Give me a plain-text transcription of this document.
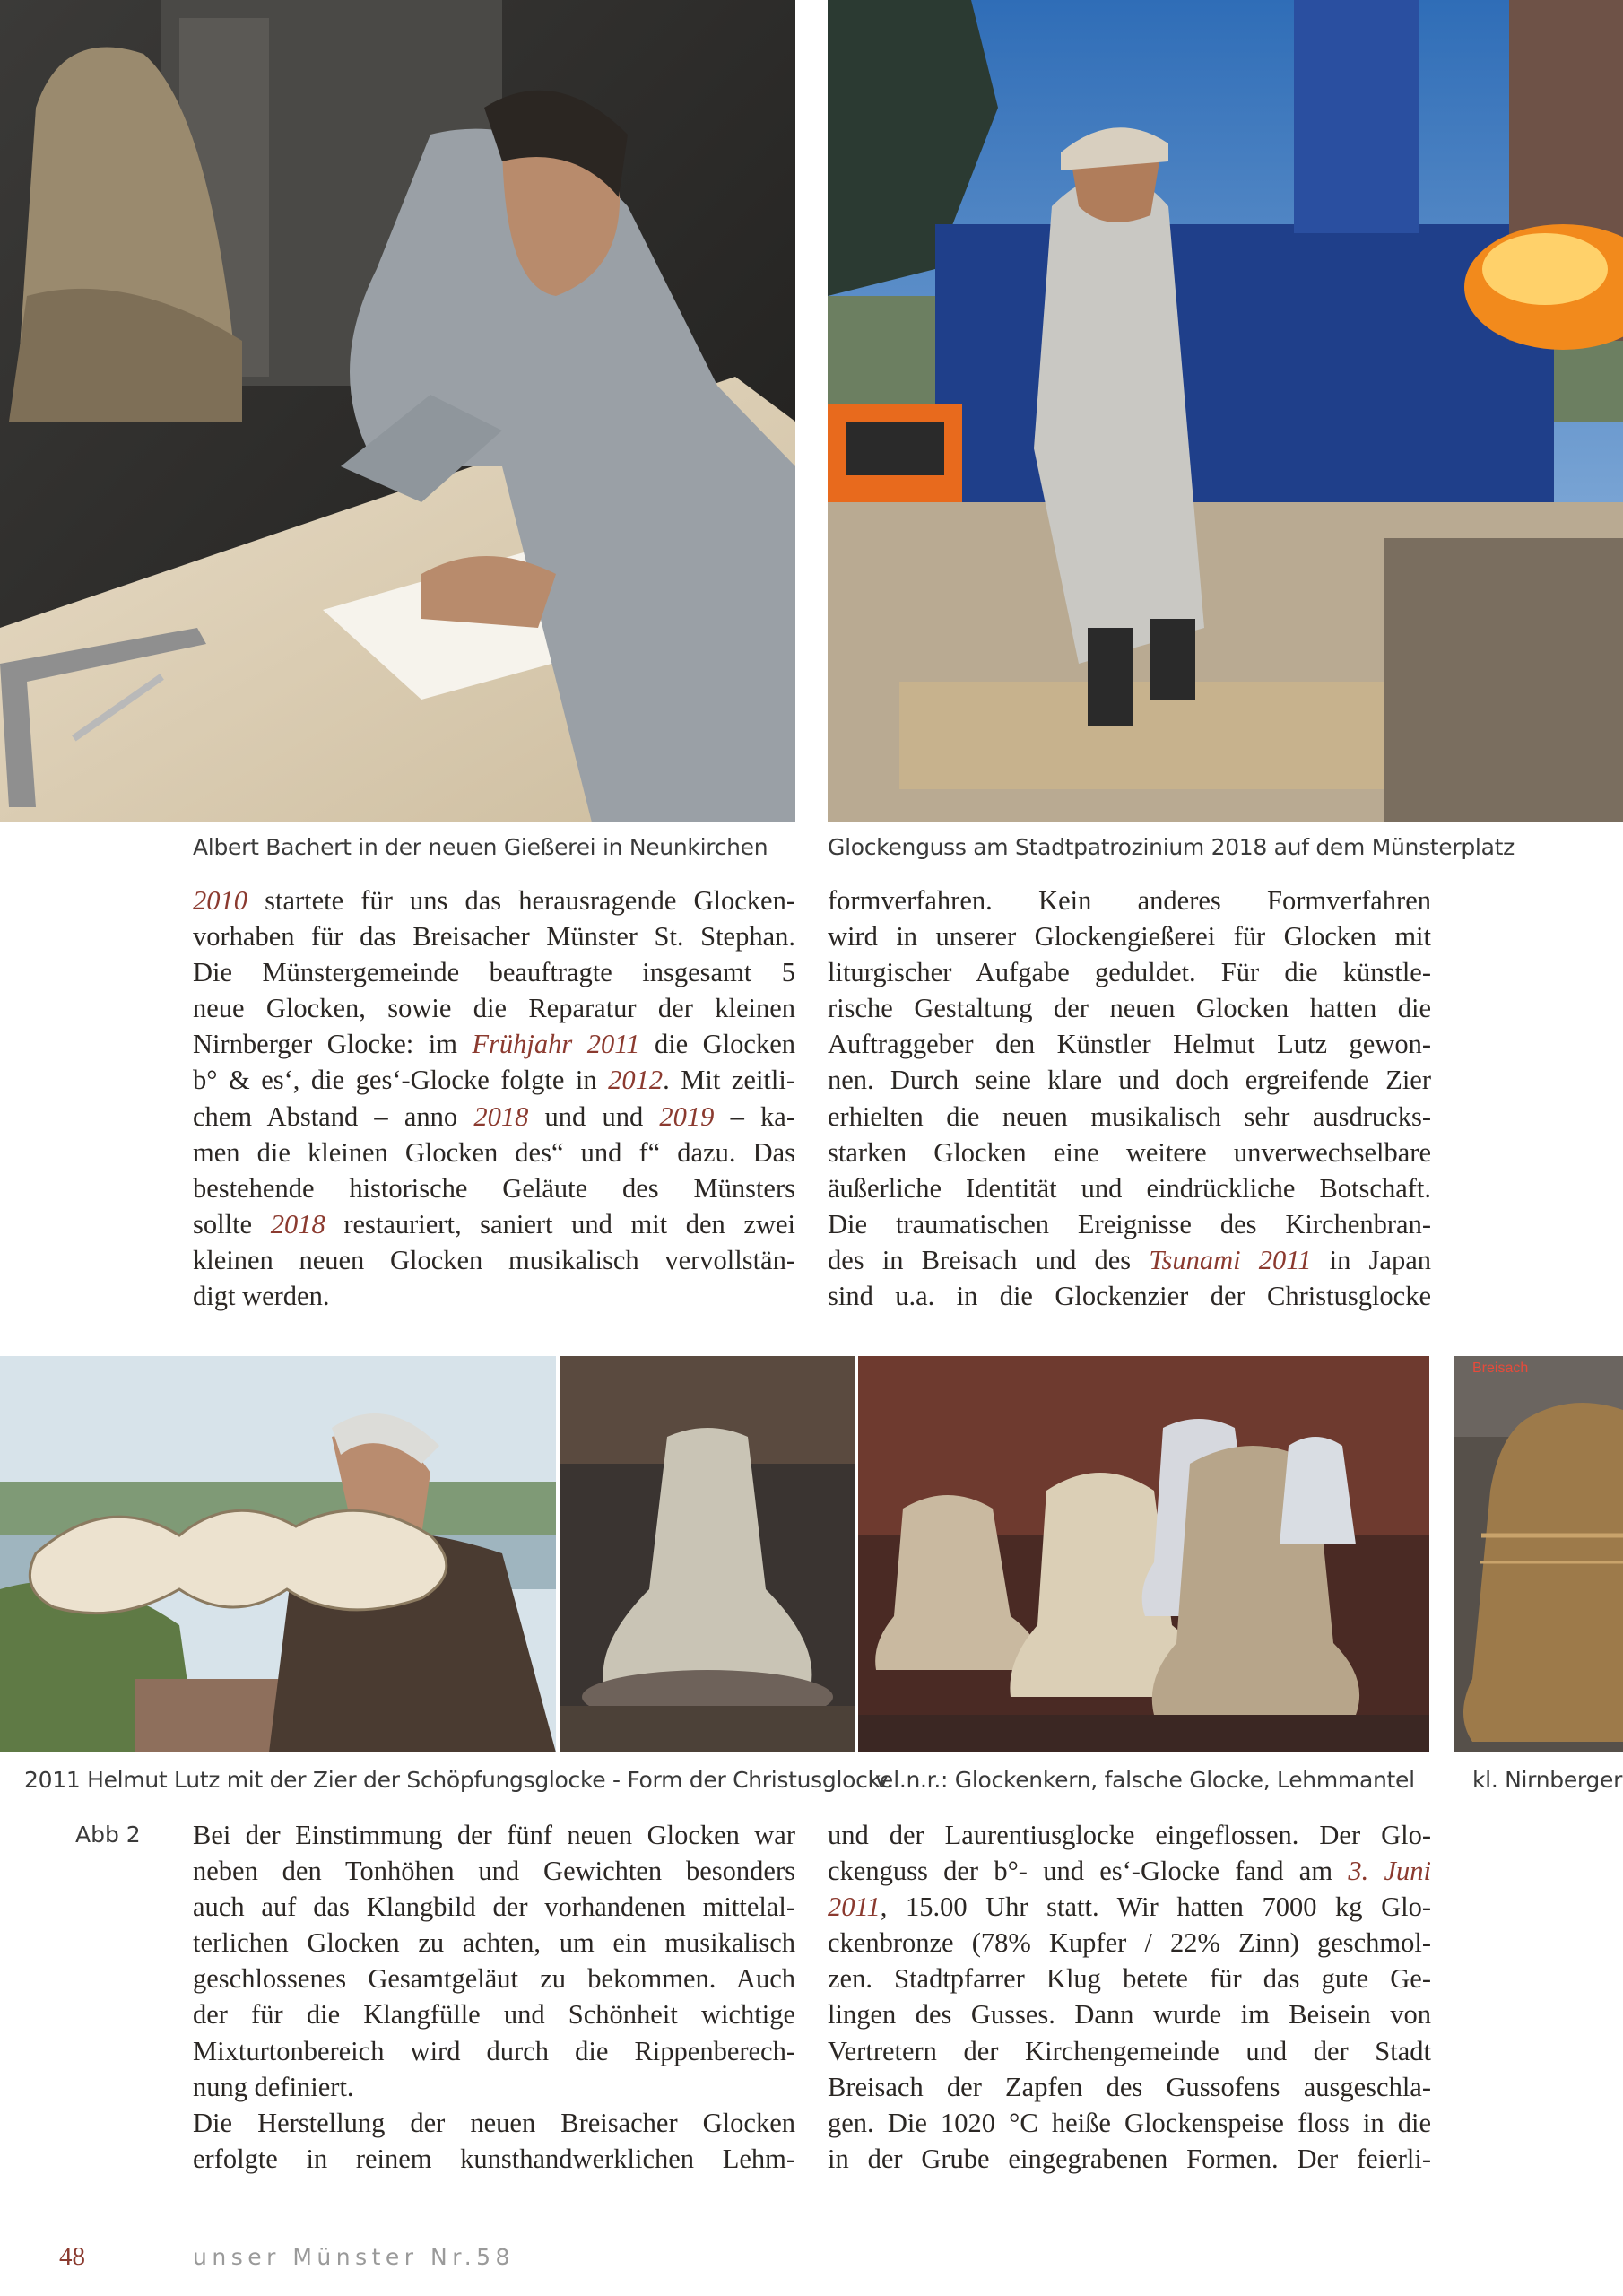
Albert Bachert in der neuen Gießerei in Neunkirchen	Glockenguss am Stadtpatrozinium 2018 auf dem Münsterplatz
2010 startete für uns das herausragende Glocken-
vorhaben für das Breisacher Münster St. Stephan.
Die Münstergemeinde beauftragte insgesamt 5
neue Glocken, sowie die Reparatur der kleinen
Nirnberger Glocke: im Frühjahr 2011 die Glocken
b° & es‘, die ges‘-Glocke folgte in 2012. Mit zeitli-
chem Abstand – anno 2018 und und 2019 – ka-
men die kleinen Glocken des“ und f“ dazu. Das
bestehende historische Geläute des Münsters
sollte 2018 restauriert, saniert und mit den zwei
kleinen neuen Glocken musikalisch vervollstän-
digt werden.
formverfahren. Kein anderes Formverfahren
wird in unserer Glockengießerei für Glocken mit
liturgischer Aufgabe geduldet. Für die künstle-
rische Gestaltung der neuen Glocken hatten die
Auftraggeber den Künstler Helmut Lutz gewon-
nen. Durch seine klare und doch ergreifende Zier
erhielten die neuen musikalisch sehr ausdrucks-
starken Glocken eine weitere unverwechselbare
äußerliche Identität und eindrückliche Botschaft.
Die traumatischen Ereignisse des Kirchenbran-
des in Breisach und des Tsunami 2011 in Japan
sind u.a. in die Glockenzier der Christusglocke
Breisach
2011 Helmut Lutz mit der Zier der Schöpfungsglocke - Form der Christusglocke
v.l.n.r.: Glockenkern, falsche Glocke, Lehmmantel	kl. Nirnberger
Abb 2 Bei der Einstimmung der fünf neuen Glocken war
neben den Tonhöhen und Gewichten besonders
auch auf das Klangbild der vorhandenen mittelal-
terlichen Glocken zu achten, um ein musikalisch
geschlossenes Gesamtgeläut zu bekommen. Auch
der für die Klangfülle und Schönheit wichtige
Mixturtonbereich wird durch die Rippenberech-
nung definiert.
Die Herstellung der neuen Breisacher Glocken
erfolgte in reinem kunsthandwerklichen Lehm-
und der Laurentiusglocke eingeflossen. Der Glo-
ckenguss der b°- und es‘-Glocke fand am 3. Juni
2011, 15.00 Uhr statt. Wir hatten 7000 kg Glo-
ckenbronze (78% Kupfer / 22% Zinn) geschmol-
zen. Stadtpfarrer Klug betete für das gute Ge-
lingen des Gusses. Dann wurde im Beisein von
Vertretern der Kirchengemeinde und der Stadt
Breisach der Zapfen des Gussofens ausgeschla-
gen. Die 1020 °C heiße Glockenspeise floss in die
in der Grube eingegrabenen Formen. Der feierli-
48	unser Münster Nr.58
